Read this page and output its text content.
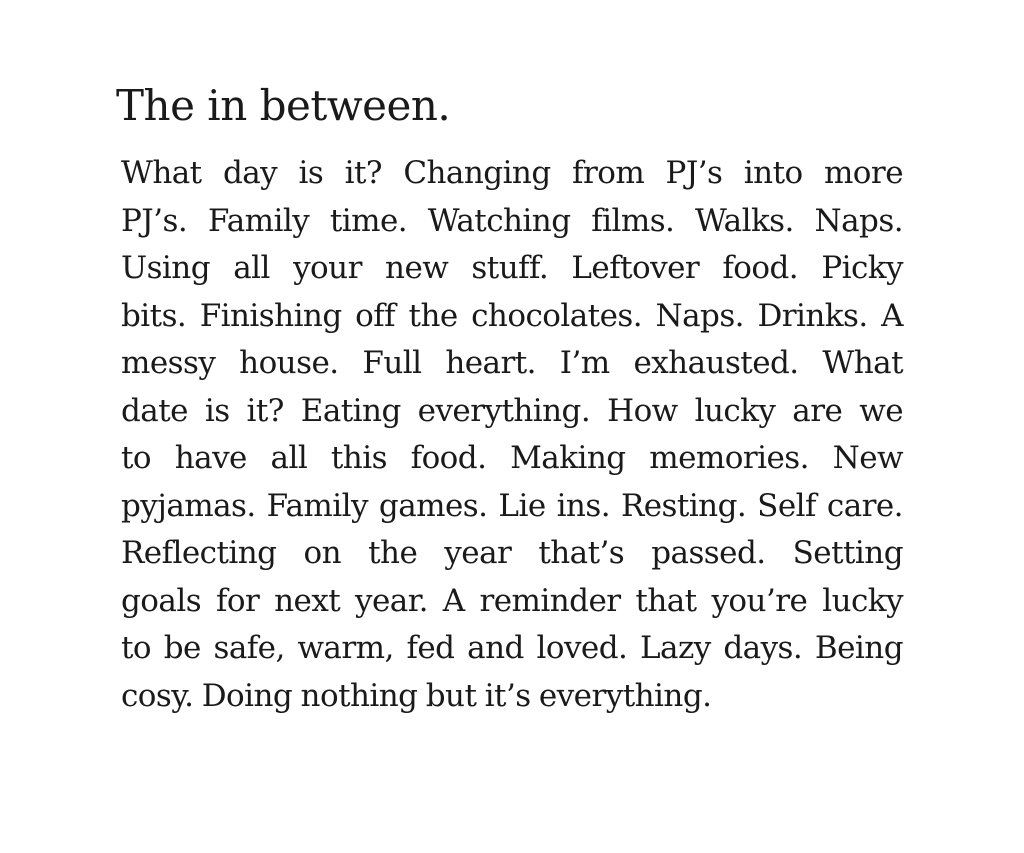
The in between.
What day is it? Changing from PJ’s into more
PJ’s. Family time. Watching films. Walks. Naps.
Using all your new stuff. Leftover food. Picky
bits. Finishing off the chocolates. Naps. Drinks. A
messy house. Full heart. I’m exhausted. What
date is it? Eating everything. How lucky are we
to have all this food. Making memories. New
pyjamas. Family games. Lie ins. Resting. Self care.
Reflecting on the year that’s passed. Setting
goals for next year. A reminder that you’re lucky
to be safe, warm, fed and loved. Lazy days. Being
cosy. Doing nothing but it’s everything.
